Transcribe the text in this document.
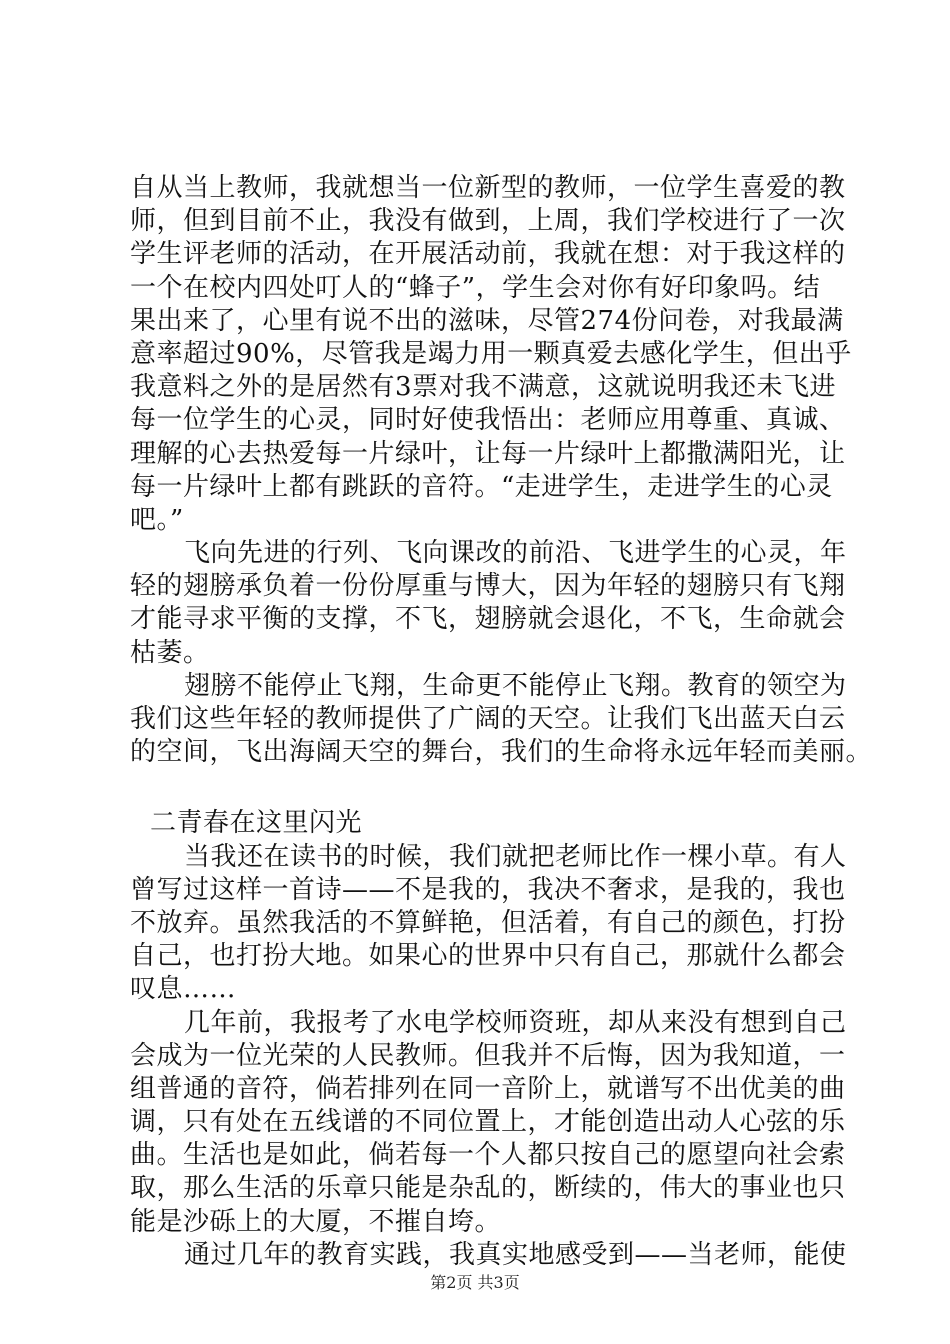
自从当上教师，我就想当一位新型的教师，一位学生喜爱的教
师，但到目前不止，我没有做到，上周，我们学校进行了一次
学生评老师的活动，在开展活动前，我就在想：对于我这样的
一个在校内四处叮人的“蜂子”，学生会对你有好印象吗。结
果出来了，心里有说不出的滋味，尽管274份问卷，对我最满
意率超过90%，尽管我是竭力用一颗真爱去感化学生，但出乎
我意料之外的是居然有3票对我不满意，这就说明我还未飞进
每一位学生的心灵，同时好使我悟出：老师应用尊重、真诚、
理解的心去热爱每一片绿叶，让每一片绿叶上都撒满阳光，让
每一片绿叶上都有跳跃的音符。“走进学生，走进学生的心灵
吧。”
飞向先进的行列、飞向课改的前沿、飞进学生的心灵，年
轻的翅膀承负着一份份厚重与博大，因为年轻的翅膀只有飞翔
才能寻求平衡的支撑，不飞，翅膀就会退化，不飞，生命就会
枯萎。
翅膀不能停止飞翔，生命更不能停止飞翔。教育的领空为
我们这些年轻的教师提供了广阔的天空。让我们飞出蓝天白云
的空间，飞出海阔天空的舞台，我们的生命将永远年轻而美丽。
二青春在这里闪光
当我还在读书的时候，我们就把老师比作一棵小草。有人
曾写过这样一首诗——不是我的，我决不奢求，是我的，我也
不放弃。虽然我活的不算鲜艳，但活着，有自己的颜色，打扮
自己，也打扮大地。如果心的世界中只有自己，那就什么都会
叹息……
几年前，我报考了水电学校师资班，却从来没有想到自己
会成为一位光荣的人民教师。但我并不后悔，因为我知道，一
组普通的音符，倘若排列在同一音阶上，就谱写不出优美的曲
调，只有处在五线谱的不同位置上，才能创造出动人心弦的乐
曲。生活也是如此，倘若每一个人都只按自己的愿望向社会索
取，那么生活的乐章只能是杂乱的，断续的，伟大的事业也只
能是沙砾上的大厦，不摧自垮。
通过几年的教育实践，我真实地感受到——当老师，能使
第2页 共3页
